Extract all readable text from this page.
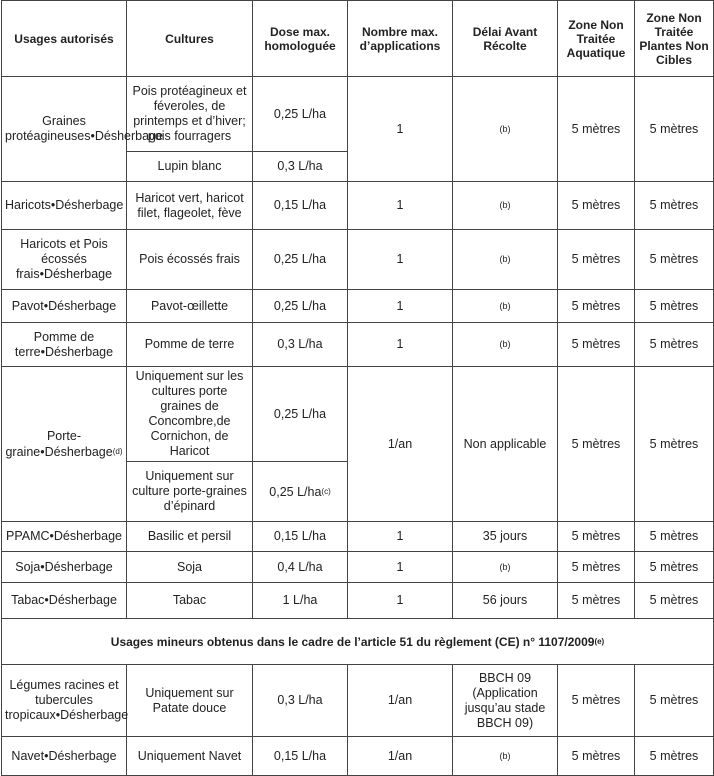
Usages autorisés	Cultures	Dose max. homologuée	Nombre max. d’applications	Délai Avant Récolte	Zone Non Traitée Aquatique	Zone Non Traitée Plantes Non Cibles
Graines protéagineuses•Désherbage	Pois protéagineux et féveroles, de printemps et d’hiver; pois fourragers	0,25 L/ha	1	(b)	5 mètres	5 mètres
	Lupin blanc	0,3 L/ha				
Haricots•Désherbage	Haricot vert, haricot filet, flageolet, fève	0,15 L/ha	1	(b)	5 mètres	5 mètres
Haricots et Pois écossés frais•Désherbage	Pois écossés frais	0,25 L/ha	1	(b)	5 mètres	5 mètres
Pavot•Désherbage	Pavot-œillette	0,25 L/ha	1	(b)	5 mètres	5 mètres
Pomme de terre•Désherbage	Pomme de terre	0,3 L/ha	1	(b)	5 mètres	5 mètres
Porte-graine•Désherbage$^{(d)}$	Uniquement sur les cultures porte graines de Concombre,de Cornichon, de Haricot	0,25 L/ha	1/an	Non applicable	5 mètres	5 mètres
	Uniquement sur culture porte-graines d’épinard	0,25 $L/ha^{(c)}$
PPAMC•Désherbage	Basilic et persil	0,15 L/ha	1	35 jours	5 mètres	5 mètres
Soja•Désherbage	Soja	0,4 L/ha	1	(b)	5 mètres	5 mètres
Tabac•Désherbage	Tabac	1 L/ha	1	56 jours	5 mètres	5 mètres
Usages mineurs obtenus dans le cadre de l’article 51 du règlement (CE) n° 1107/2009$^{(e)}$
Légumes racines et tubercules tropicaux•Désherbage	Uniquement sur Patate douce	0,3 L/ha	1/an	BBCH 09 (Application jusqu’au stade BBCH 09)	5 mètres	5 mètres
Navet•Désherbage	Uniquement Navet	0,15 L/ha	1/an	(b)	5 mètres	5 mètres
